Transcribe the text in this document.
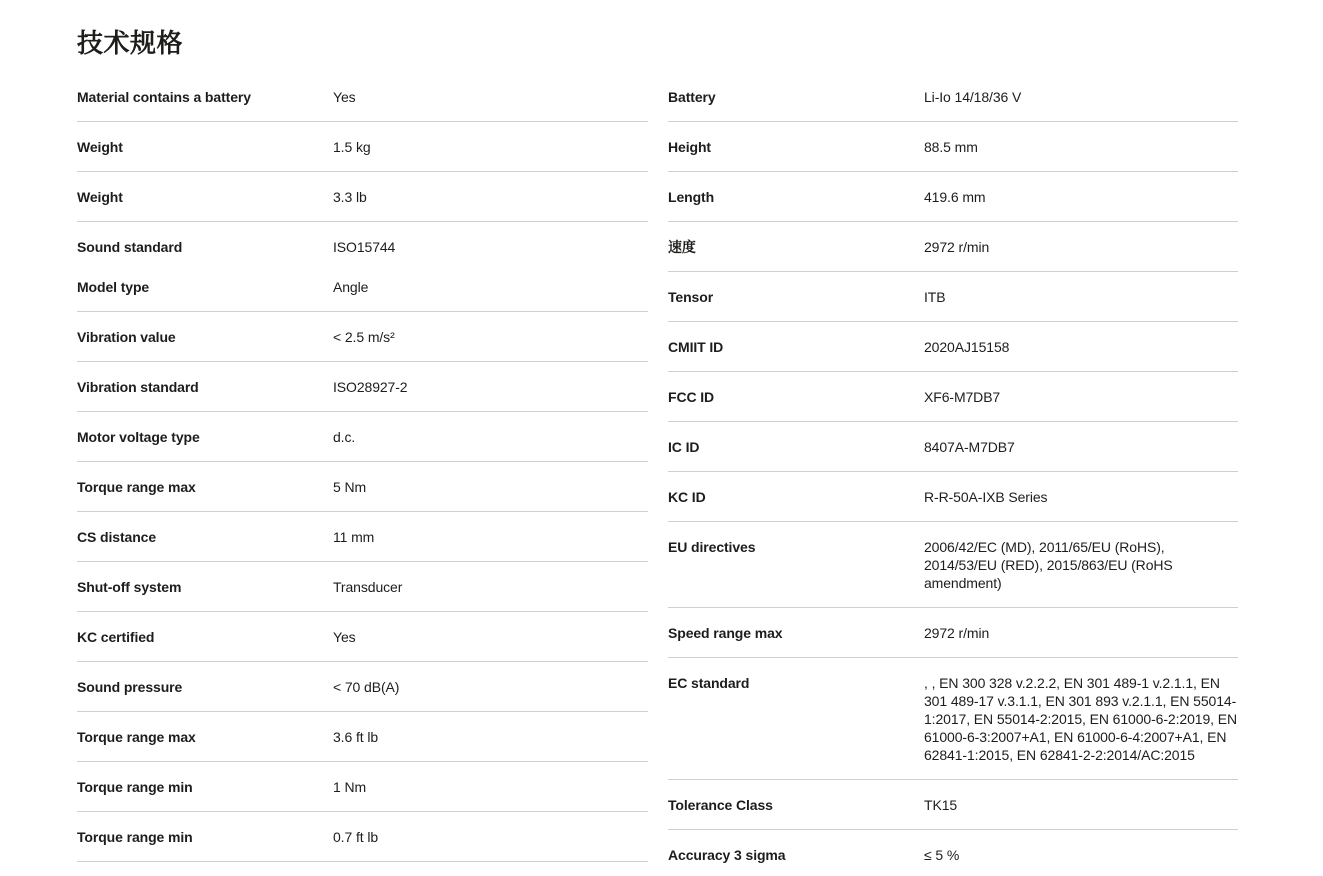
技术规格
Material contains a battery	Yes
Weight	1.5 kg
Weight	3.3 lb
Sound standard	ISO15744
Model type	Angle
Vibration value	< 2.5 m/s²
Vibration standard	ISO28927-2
Motor voltage type	d.c.
Torque range max	5 Nm
CS distance	11 mm
Shut-off system	Transducer
KC certified	Yes
Sound pressure	< 70 dB(A)
Torque range max	3.6 ft lb
Torque range min	1 Nm
Torque range min	0.7 ft lb
Battery	Li-Io 14/18/36 V
Height	88.5 mm
Length	419.6 mm
速度	2972 r/min
Tensor	ITB
CMIIT ID	2020AJ15158
FCC ID	XF6-M7DB7
IC ID	8407A-M7DB7
KC ID	R-R-50A-IXB Series
EU directives	2006/42/EC (MD), 2011/65/EU (RoHS), 2014/53/EU (RED), 2015/863/EU (RoHS amendment)
Speed range max	2972 r/min
EC standard	, , EN 300 328 v.2.2.2, EN 301 489-1 v.2.1.1, EN 301 489-17 v.3.1.1, EN 301 893 v.2.1.1, EN 55014-1:2017, EN 55014-2:2015, EN 61000-6-2:2019, EN 61000-6-3:2007+A1, EN 61000-6-4:2007+A1, EN 62841-1:2015, EN 62841-2-2:2014/AC:2015
Tolerance Class	TK15
Accuracy 3 sigma	≤ 5 %
